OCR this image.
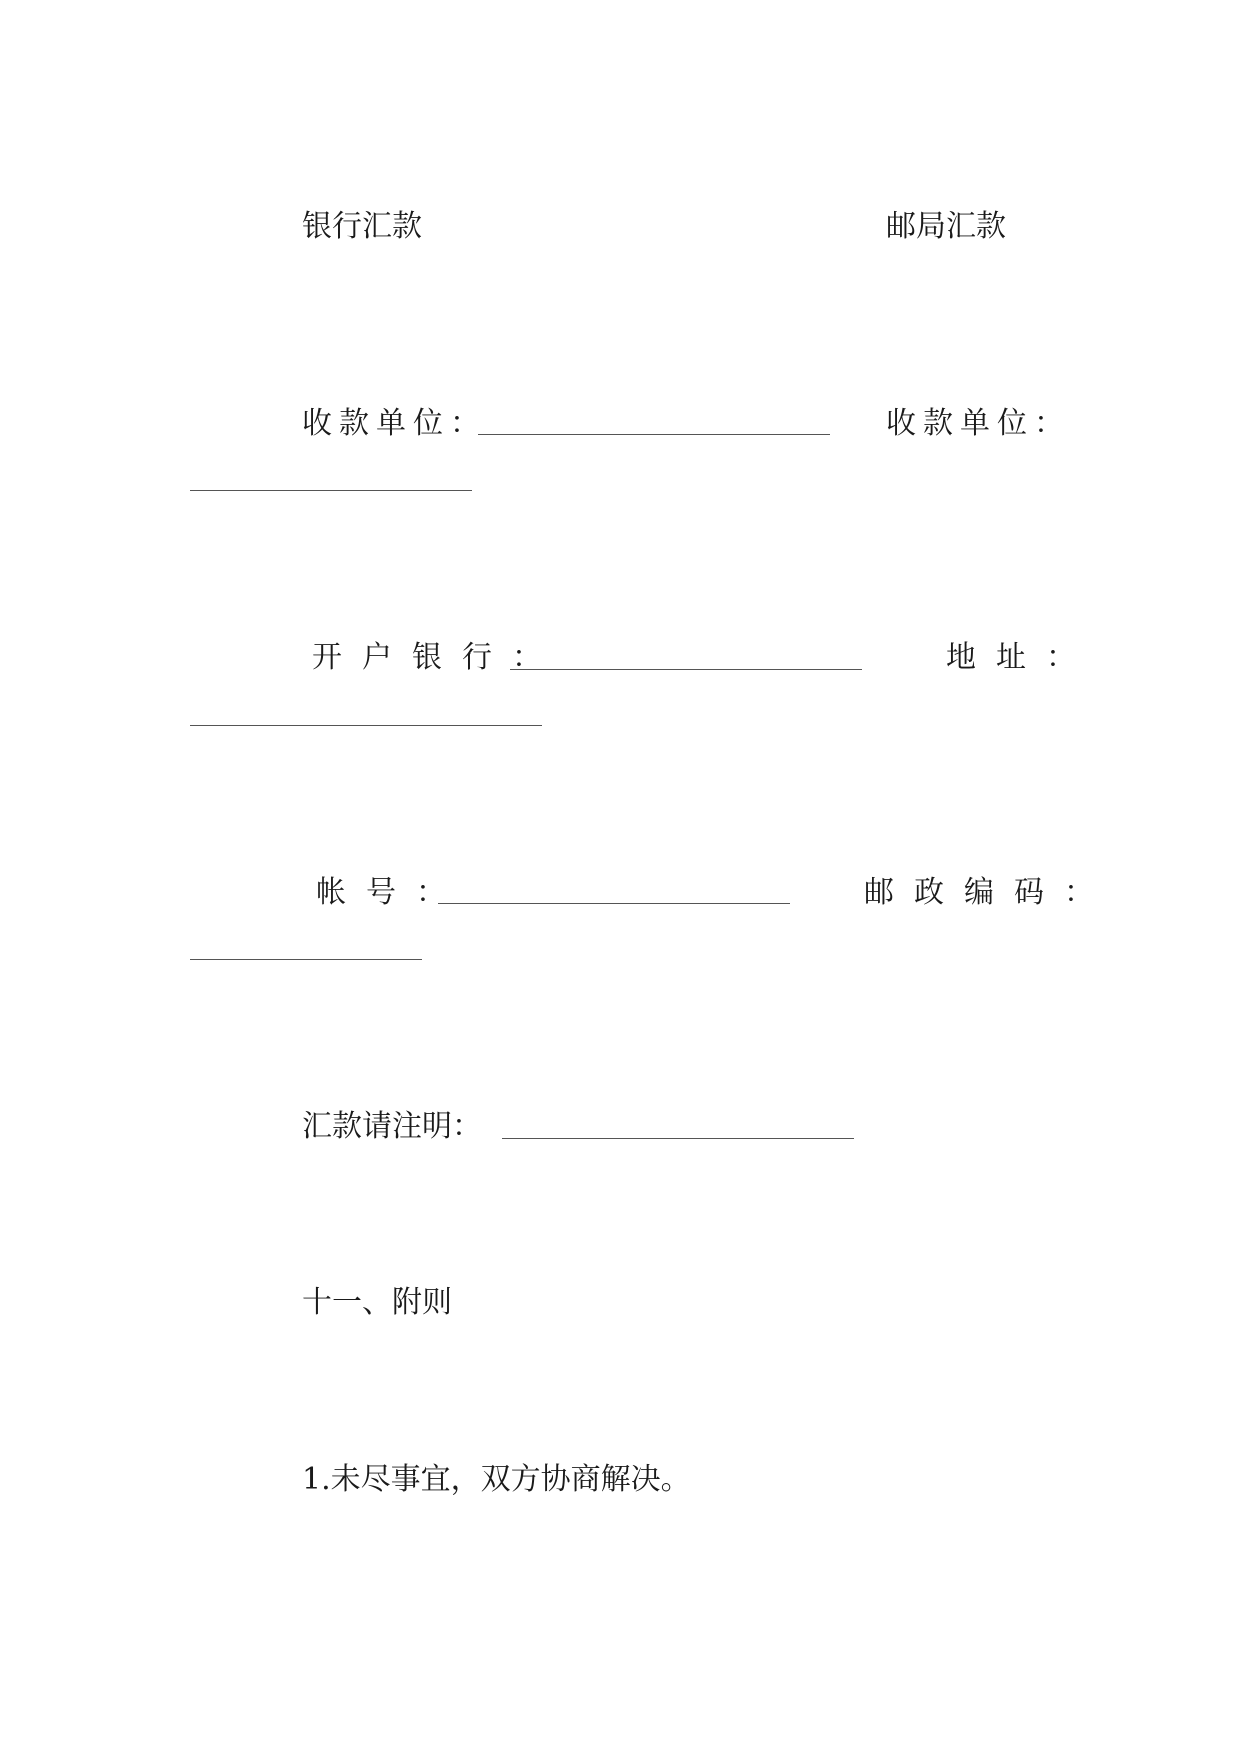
银行汇款	邮局汇款

收款单位：	收款单位：

开户银行：	地址：

帐号：	邮政编码：

汇款请注明：

十一、附则

1.未尽事宜，双方协商解决。
